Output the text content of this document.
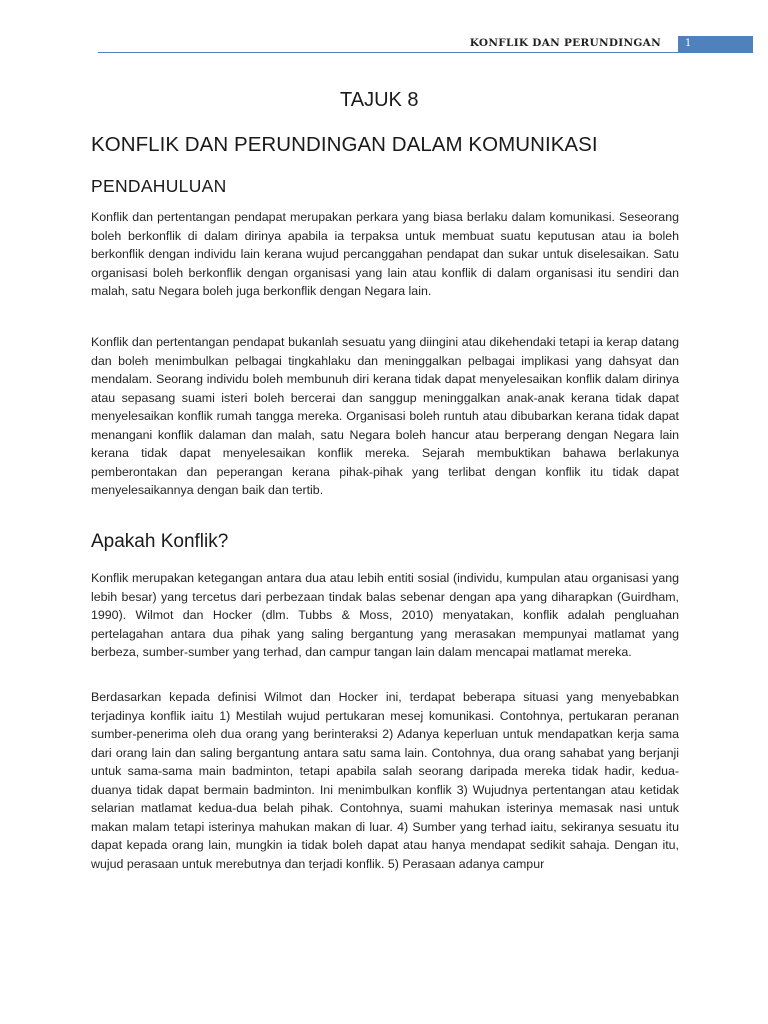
KONFLIK DAN PERUNDINGAN 1
TAJUK 8
KONFLIK DAN PERUNDINGAN DALAM KOMUNIKASI
PENDAHULUAN

Konflik dan pertentangan pendapat merupakan perkara yang biasa berlaku dalam komunikasi. Seseorang boleh berkonflik di dalam dirinya apabila ia terpaksa untuk membuat suatu keputusan atau ia boleh berkonflik dengan individu lain kerana wujud percanggahan pendapat dan sukar untuk diselesaikan. Satu organisasi boleh berkonflik dengan organisasi yang lain atau konflik di dalam organisasi itu sendiri dan malah, satu Negara boleh juga berkonflik dengan Negara lain.

Konflik dan pertentangan pendapat bukanlah sesuatu yang diingini atau dikehendaki tetapi ia kerap datang dan boleh menimbulkan pelbagai tingkahlaku dan meninggalkan pelbagai implikasi yang dahsyat dan mendalam. Seorang individu boleh membunuh diri kerana tidak dapat menyelesaikan konflik dalam dirinya atau sepasang suami isteri boleh bercerai dan sanggup meninggalkan anak-anak kerana tidak dapat menyelesaikan konflik rumah tangga mereka. Organisasi boleh runtuh atau dibubarkan kerana tidak dapat menangani konflik dalaman dan malah, satu Negara boleh hancur atau berperang dengan Negara lain kerana tidak dapat menyelesaikan konflik mereka. Sejarah membuktikan bahawa berlakunya pemberontakan dan peperangan kerana pihak-pihak yang terlibat dengan konflik itu tidak dapat menyelesaikannya dengan baik dan tertib.

Apakah Konflik?

Konflik merupakan ketegangan antara dua atau lebih entiti sosial (individu, kumpulan atau organisasi yang lebih besar) yang tercetus dari perbezaan tindak balas sebenar dengan apa yang diharapkan (Guirdham, 1990). Wilmot dan Hocker (dlm. Tubbs & Moss, 2010) menyatakan, konflik adalah pengluahan pertelagahan antara dua pihak yang saling bergantung yang merasakan mempunyai matlamat yang berbeza, sumber-sumber yang terhad, dan campur tangan lain dalam mencapai matlamat mereka.

Berdasarkan kepada definisi Wilmot dan Hocker ini, terdapat beberapa situasi yang menyebabkan terjadinya konflik iaitu 1) Mestilah wujud pertukaran mesej komunikasi. Contohnya, pertukaran peranan sumber-penerima oleh dua orang yang berinteraksi 2) Adanya keperluan untuk mendapatkan kerja sama dari orang lain dan saling bergantung antara satu sama lain. Contohnya, dua orang sahabat yang berjanji untuk sama-sama main badminton, tetapi apabila salah seorang daripada mereka tidak hadir, kedua-duanya tidak dapat bermain badminton. Ini menimbulkan konflik 3) Wujudnya pertentangan atau ketidak selarian matlamat kedua-dua belah pihak. Contohnya, suami mahukan isterinya memasak nasi untuk makan malam tetapi isterinya mahukan makan di luar. 4) Sumber yang terhad iaitu, sekiranya sesuatu itu dapat kepada orang lain, mungkin ia tidak boleh dapat atau hanya mendapat sedikit sahaja. Dengan itu, wujud perasaan untuk merebutnya dan terjadi konflik. 5) Perasaan adanya campur
